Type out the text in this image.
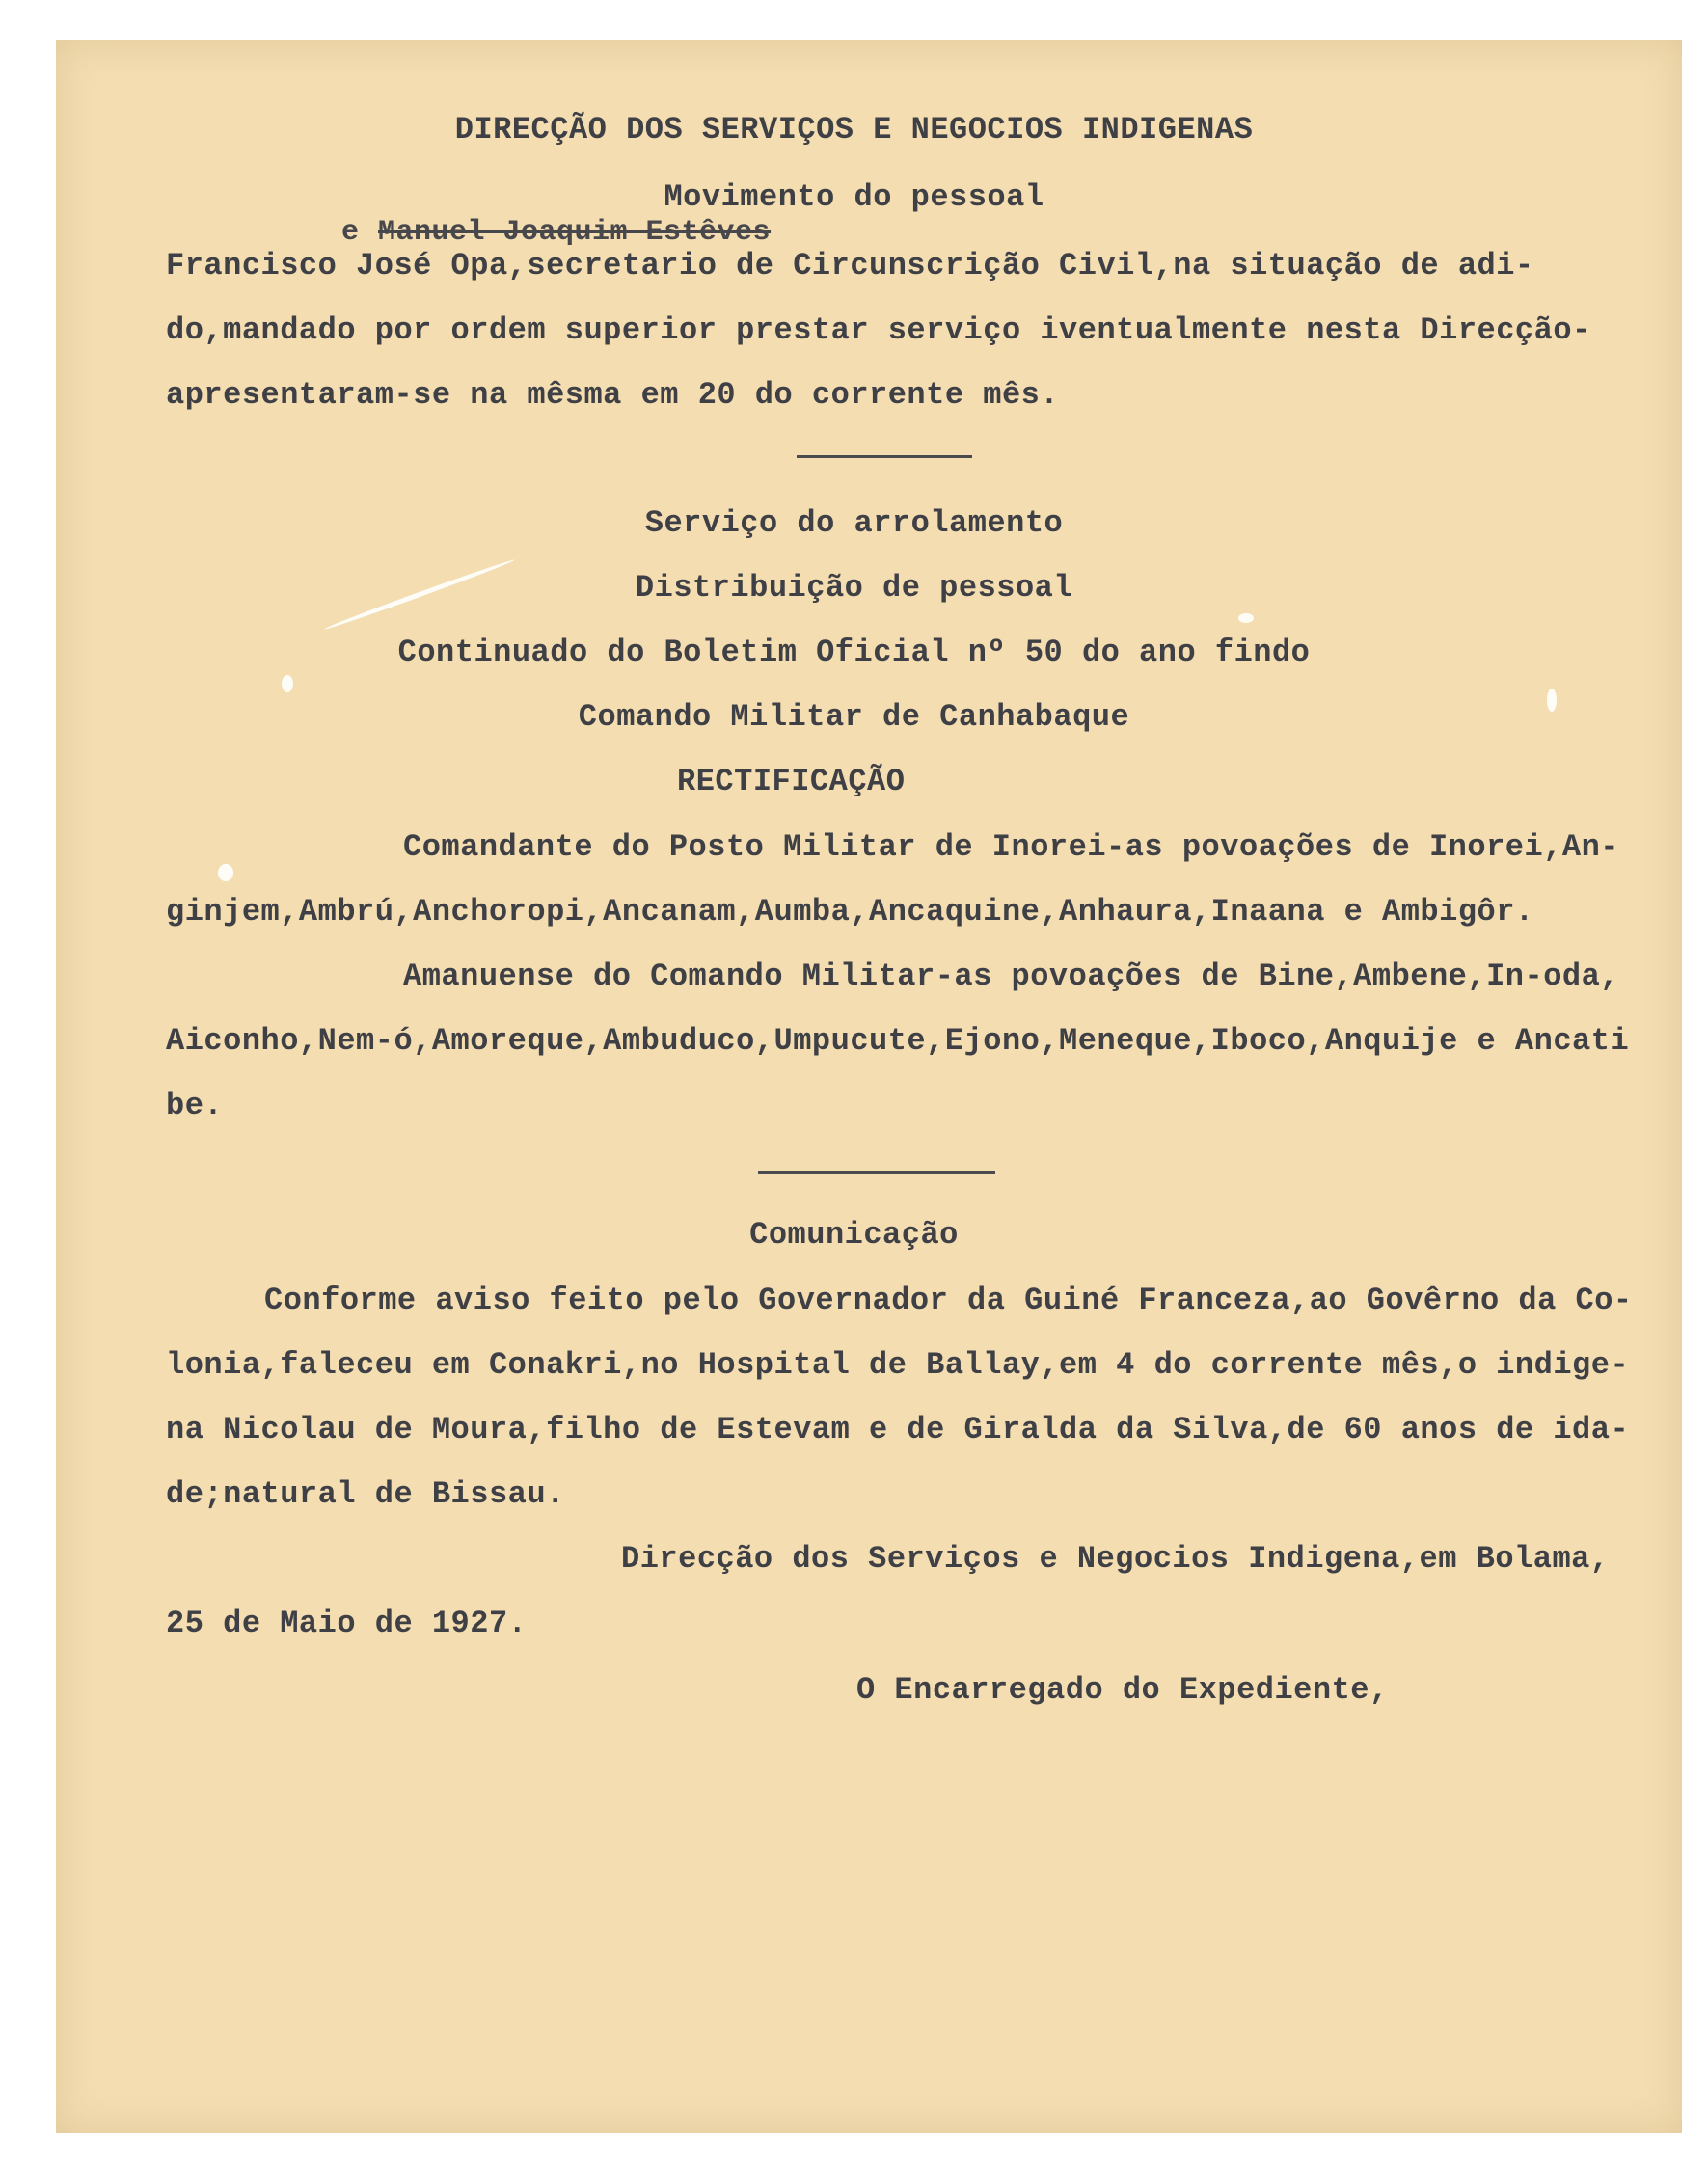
DIRECÇÃO DOS SERVIÇOS E NEGOCIOS INDIGENAS
Movimento do pessoal
e Manuel Joaquim Estêves
Francisco José Opa,secretario de Circunscrição Civil,na situação de adi-
do,mandado por ordem superior prestar serviço iventualmente nesta Direcção-
apresentaram-se na mêsma em 20 do corrente mês.
Serviço do arrolamento
Distribuição de pessoal
Continuado do Boletim Oficial nº 50 do ano findo
Comando Militar de Canhabaque
RECTIFICAÇÃO
Comandante do Posto Militar de Inorei-as povoações de Inorei,An-
ginjem,Ambrú,Anchoropi,Ancanam,Aumba,Ancaquine,Anhaura,Inaana e Ambigôr.
Amanuense do Comando Militar-as povoações de Bine,Ambene,In-oda,
Aiconho,Nem-ó,Amoreque,Ambuduco,Umpucute,Ejono,Meneque,Iboco,Anquije e Ancati
be.
Comunicação
Conforme aviso feito pelo Governador da Guiné Franceza,ao Govêrno da Co-
lonia,faleceu em Conakri,no Hospital de Ballay,em 4 do corrente mês,o indige-
na Nicolau de Moura,filho de Estevam e de Giralda da Silva,de 60 anos de ida-
de;natural de Bissau.
Direcção dos Serviços e Negocios Indigena,em Bolama,
25 de Maio de 1927.
O Encarregado do Expediente,
